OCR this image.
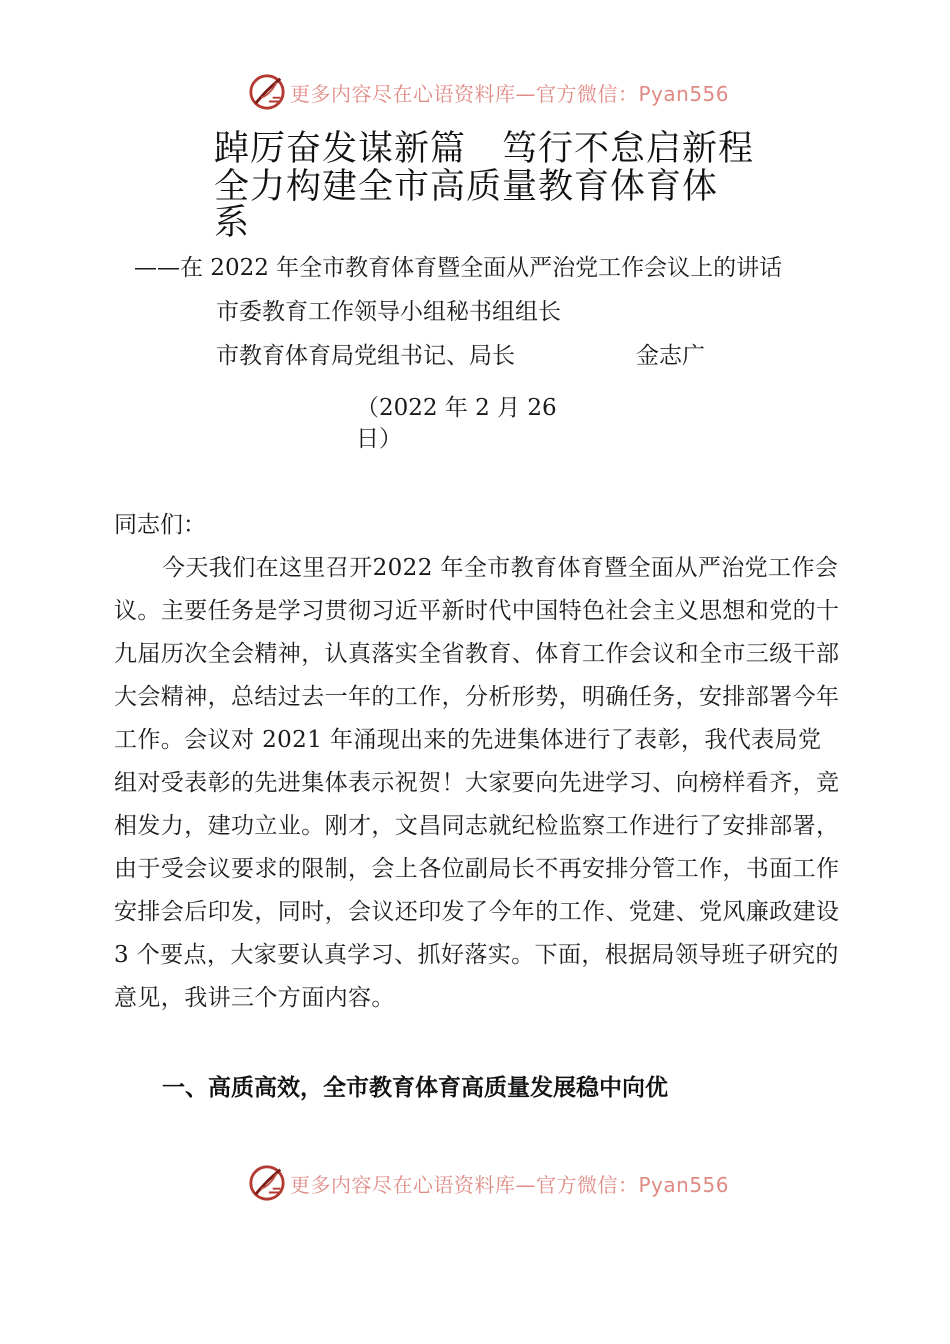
更多内容尽在心语资料库—官方微信：Pyan556
踔厉奋发谋新篇 笃行不怠启新程
全力构建全市高质量教育体育体
系
——在 2022 年全市教育体育暨全面从严治党工作会议上的讲话
市委教育工作领导小组秘书组组长
市教育体育局党组书记、局长	金志广
（2022 年 2 月 26
日）
同志们：
今天我们在这里召开2022 年全市教育体育暨全面从严治党工作会议。主要任务是学习贯彻习近平新时代中国特色社会主义思想和党的十九届历次全会精神，认真落实全省教育、体育工作会议和全市三级干部大会精神，总结过去一年的工作，分析形势，明确任务，安排部署今年工作。会议对 2021 年涌现出来的先进集体进行了表彰，我代表局党组对受表彰的先进集体表示祝贺！大家要向先进学习、向榜样看齐，竞相发力，建功立业。刚才，文昌同志就纪检监察工作进行了安排部署，由于受会议要求的限制，会上各位副局长不再安排分管工作，书面工作安排会后印发，同时，会议还印发了今年的工作、党建、党风廉政建设 3 个要点，大家要认真学习、抓好落实。下面，根据局领导班子研究的意见，我讲三个方面内容。
一、高质高效，全市教育体育高质量发展稳中向优
更多内容尽在心语资料库—官方微信：Pyan556
